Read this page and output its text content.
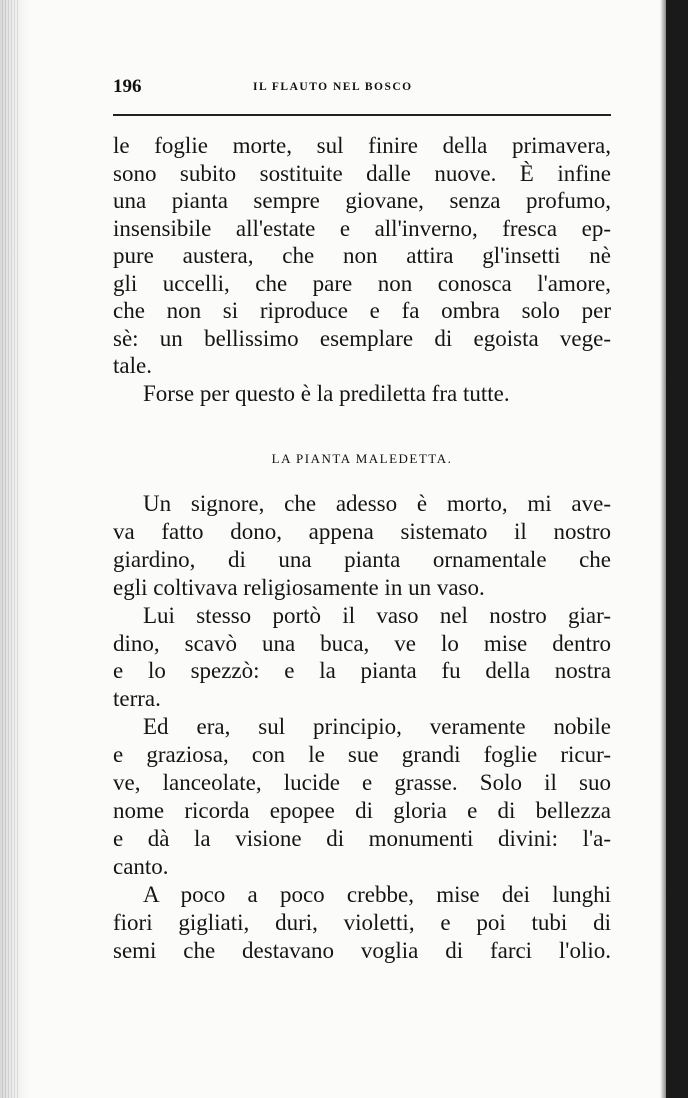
196	IL FLAUTO NEL BOSCO
le foglie morte, sul finire della primavera,
sono subito sostituite dalle nuove. È infine
una pianta sempre giovane, senza profumo,
insensibile all'estate e all'inverno, fresca ep-
pure austera, che non attira gl'insetti nè
gli uccelli, che pare non conosca l'amore,
che non si riproduce e fa ombra solo per
sè: un bellissimo esemplare di egoista vege-
tale.
Forse per questo è la prediletta fra tutte.
LA PIANTA MALEDETTA.
Un signore, che adesso è morto, mi ave-
va fatto dono, appena sistemato il nostro
giardino, di una pianta ornamentale che
egli coltivava religiosamente in un vaso.
Lui stesso portò il vaso nel nostro giar-
dino, scavò una buca, ve lo mise dentro
e lo spezzò: e la pianta fu della nostra
terra.
Ed era, sul principio, veramente nobile
e graziosa, con le sue grandi foglie ricur-
ve, lanceolate, lucide e grasse. Solo il suo
nome ricorda epopee di gloria e di bellezza
e dà la visione di monumenti divini: l'a-
canto.
A poco a poco crebbe, mise dei lunghi
fiori gigliati, duri, violetti, e poi tubi di
semi che destavano voglia di farci l'olio.
